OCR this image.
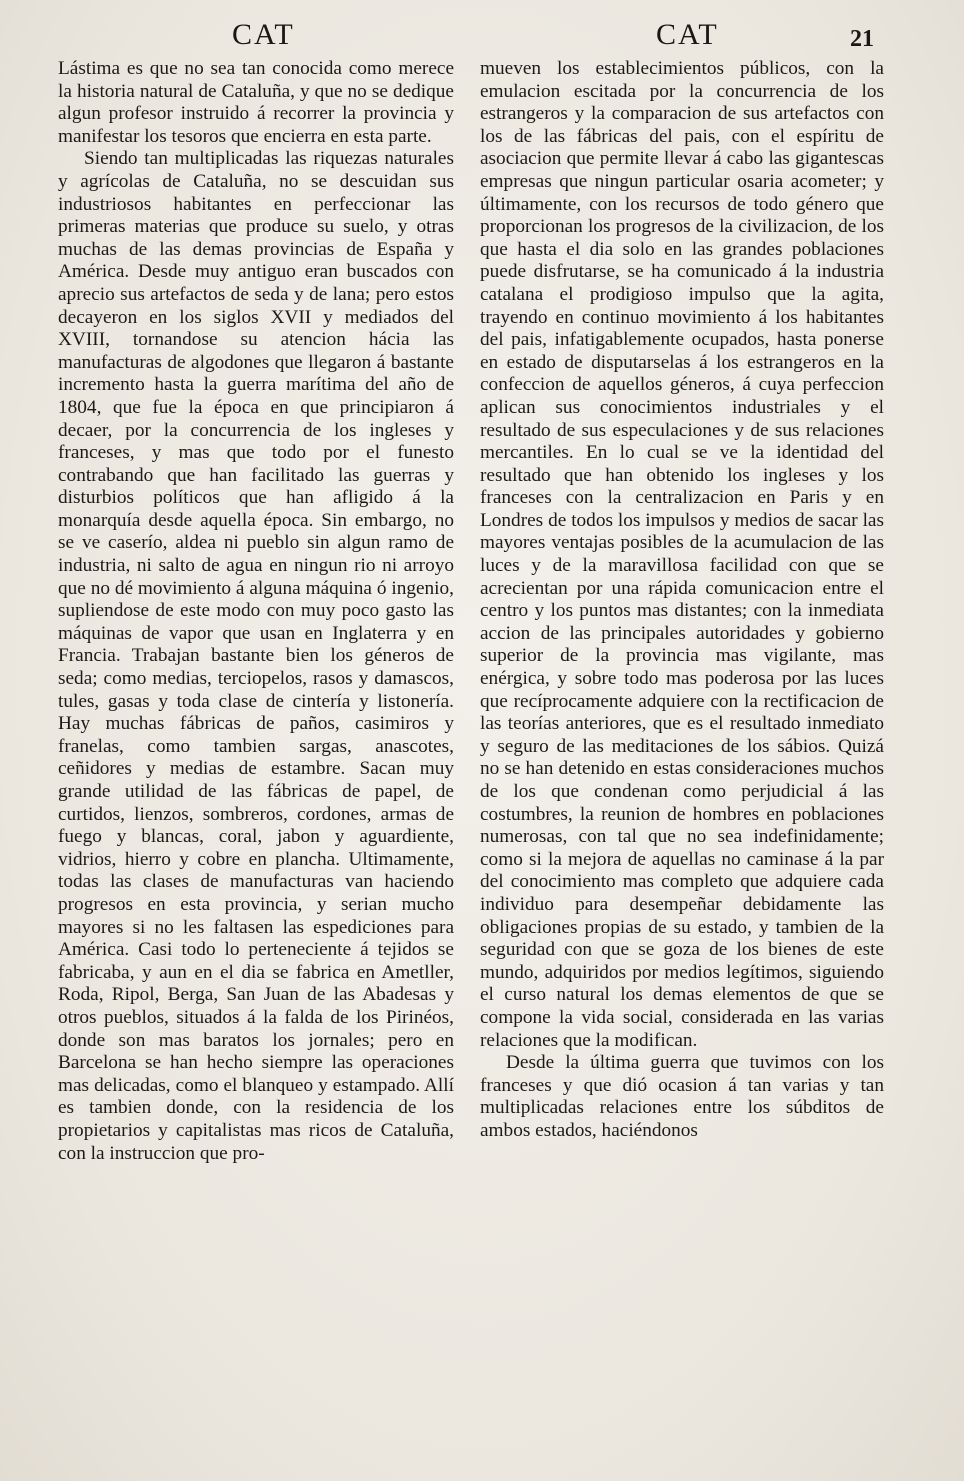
CAT	CAT	21

Lástima es que no sea tan conocida como merece la historia natural de Cataluña, y que no se dedique algun profesor instruido á recorrer la provincia y manifestar los tesoros que encierra en esta parte.

Siendo tan multiplicadas las riquezas naturales y agrícolas de Cataluña, no se descuidan sus industriosos habitantes en perfeccionar las primeras materias que produce su suelo, y otras muchas de las demas provincias de España y América. Desde muy antiguo eran buscados con aprecio sus artefactos de seda y de lana; pero estos decayeron en los siglos XVII y mediados del XVIII, tornandose su atencion hácia las manufacturas de algodones que llegaron á bastante incremento hasta la guerra marítima del año de 1804, que fue la época en que principiaron á decaer, por la concurrencia de los ingleses y franceses, y mas que todo por el funesto contrabando que han facilitado las guerras y disturbios políticos que han afligido á la monarquía desde aquella época. Sin embargo, no se ve caserío, aldea ni pueblo sin algun ramo de industria, ni salto de agua en ningun rio ni arroyo que no dé movimiento á alguna máquina ó ingenio, supliendose de este modo con muy poco gasto las máquinas de vapor que usan en Inglaterra y en Francia. Trabajan bastante bien los géneros de seda; como medias, terciopelos, rasos y damascos, tules, gasas y toda clase de cintería y listonería. Hay muchas fábricas de paños, casimiros y franelas, como tambien sargas, anascotes, ceñidores y medias de estambre. Sacan muy grande utilidad de las fábricas de papel, de curtidos, lienzos, sombreros, cordones, armas de fuego y blancas, coral, jabon y aguardiente, vidrios, hierro y cobre en plancha. Ultimamente, todas las clases de manufacturas van haciendo progresos en esta provincia, y serian mucho mayores si no les faltasen las espediciones para América. Casi todo lo perteneciente á tejidos se fabricaba, y aun en el dia se fabrica en Ametller, Roda, Ripol, Berga, San Juan de las Abadesas y otros pueblos, situados á la falda de los Pirinéos, donde son mas baratos los jornales; pero en Barcelona se han hecho siempre las operaciones mas delicadas, como el blanqueo y estampado. Allí es tambien donde, con la residencia de los propietarios y capitalistas mas ricos de Cataluña, con la instruccion que pro-

mueven los establecimientos públicos, con la emulacion escitada por la concurrencia de los estrangeros y la comparacion de sus artefactos con los de las fábricas del pais, con el espíritu de asociacion que permite llevar á cabo las gigantescas empresas que ningun particular osaria acometer; y últimamente, con los recursos de todo género que proporcionan los progresos de la civilizacion, de los que hasta el dia solo en las grandes poblaciones puede disfrutarse, se ha comunicado á la industria catalana el prodigioso impulso que la agita, trayendo en continuo movimiento á los habitantes del pais, infatigablemente ocupados, hasta ponerse en estado de disputarselas á los estrangeros en la confeccion de aquellos géneros, á cuya perfeccion aplican sus conocimientos industriales y el resultado de sus especulaciones y de sus relaciones mercantiles. En lo cual se ve la identidad del resultado que han obtenido los ingleses y los franceses con la centralizacion en Paris y en Londres de todos los impulsos y medios de sacar las mayores ventajas posibles de la acumulacion de las luces y de la maravillosa facilidad con que se acrecientan por una rápida comunicacion entre el centro y los puntos mas distantes; con la inmediata accion de las principales autoridades y gobierno superior de la provincia mas vigilante, mas enérgica, y sobre todo mas poderosa por las luces que recíprocamente adquiere con la rectificacion de las teorías anteriores, que es el resultado inmediato y seguro de las meditaciones de los sábios. Quizá no se han detenido en estas consideraciones muchos de los que condenan como perjudicial á las costumbres, la reunion de hombres en poblaciones numerosas, con tal que no sea indefinidamente; como si la mejora de aquellas no caminase á la par del conocimiento mas completo que adquiere cada individuo para desempeñar debidamente las obligaciones propias de su estado, y tambien de la seguridad con que se goza de los bienes de este mundo, adquiridos por medios legítimos, siguiendo el curso natural los demas elementos de que se compone la vida social, considerada en las varias relaciones que la modifican.

Desde la última guerra que tuvimos con los franceses y que dió ocasion á tan varias y tan multiplicadas relaciones entre los súbditos de ambos estados, haciéndonos
